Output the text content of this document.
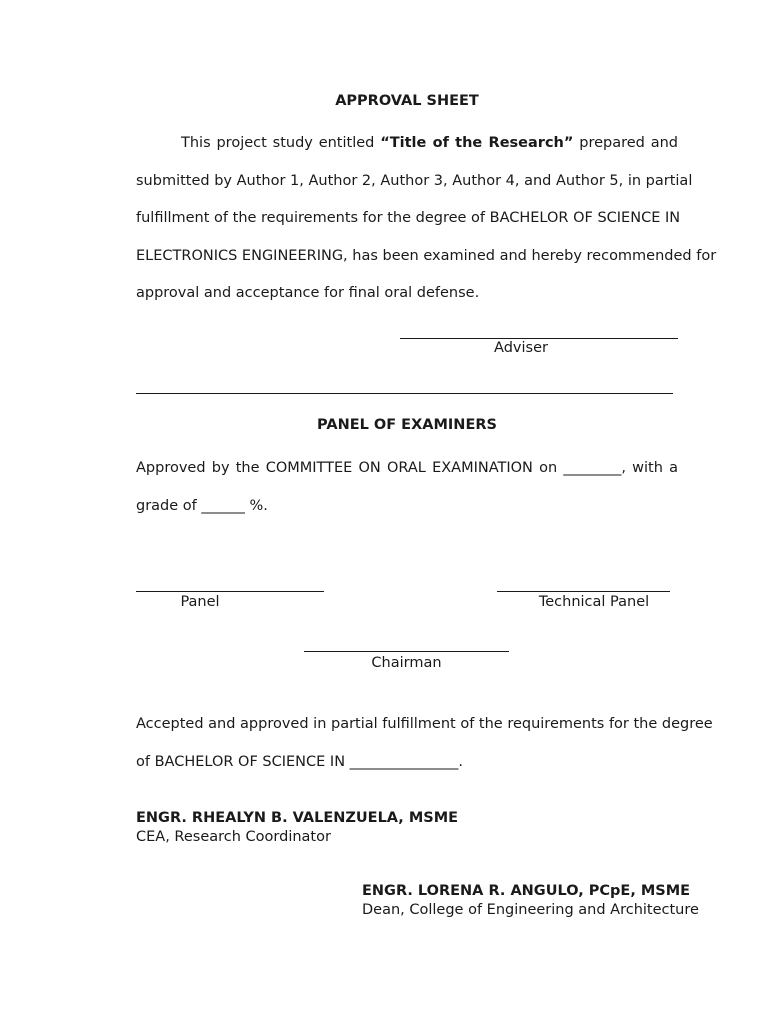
APPROVAL SHEET
This project study entitled “Title of the Research” prepared and
submitted by Author 1, Author 2, Author 3, Author 4, and Author 5, in partial
fulfillment of the requirements for the degree of BACHELOR OF SCIENCE IN
ELECTRONICS ENGINEERING, has been examined and hereby recommended for
approval and acceptance for final oral defense.
Adviser
PANEL OF EXAMINERS
Approved by the COMMITTEE ON ORAL EXAMINATION on ________, with a
grade of ______ %.
Panel	Technical Panel
Chairman
Accepted and approved in partial fulfillment of the requirements for the degree
of BACHELOR OF SCIENCE IN _______________.
ENGR. RHEALYN B. VALENZUELA, MSME
CEA, Research Coordinator
ENGR. LORENA R. ANGULO, PCpE, MSME
Dean, College of Engineering and Architecture
